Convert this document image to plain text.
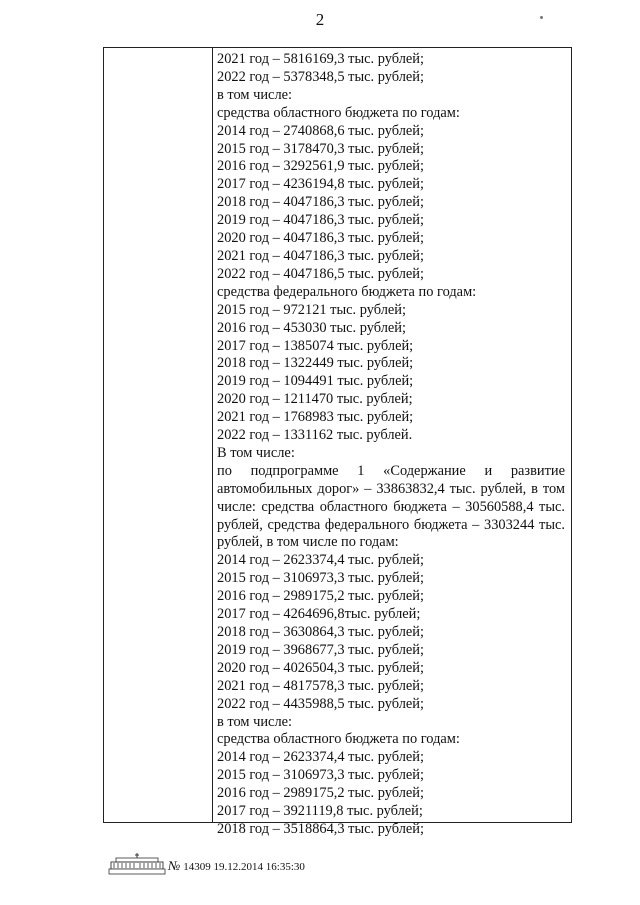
2
2021 год – 5816169,3 тыс. рублей;
2022 год – 5378348,5 тыс. рублей;
в том числе:
средства областного бюджета по годам:
2014 год – 2740868,6 тыс. рублей;
2015 год – 3178470,3 тыс. рублей;
2016 год – 3292561,9 тыс. рублей;
2017 год – 4236194,8 тыс. рублей;
2018 год – 4047186,3 тыс. рублей;
2019 год – 4047186,3 тыс. рублей;
2020 год – 4047186,3 тыс. рублей;
2021 год – 4047186,3 тыс. рублей;
2022 год – 4047186,5 тыс. рублей;
средства федерального бюджета по годам:
2015 год – 972121 тыс. рублей;
2016 год – 453030 тыс. рублей;
2017 год – 1385074 тыс. рублей;
2018 год – 1322449 тыс. рублей;
2019 год – 1094491 тыс. рублей;
2020 год – 1211470 тыс. рублей;
2021 год – 1768983 тыс. рублей;
2022 год – 1331162 тыс. рублей.
В том числе:
по подпрограмме 1 «Содержание и развитие
автомобильных дорог» – 33863832,4 тыс. рублей, в том
числе: средства областного бюджета – 30560588,4 тыс.
рублей, средства федерального бюджета – 3303244 тыс.
рублей, в том числе по годам:
2014 год – 2623374,4 тыс. рублей;
2015 год – 3106973,3 тыс. рублей;
2016 год – 2989175,2 тыс. рублей;
2017 год – 4264696,8тыс. рублей;
2018 год – 3630864,3 тыс. рублей;
2019 год – 3968677,3 тыс. рублей;
2020 год – 4026504,3 тыс. рублей;
2021 год – 4817578,3 тыс. рублей;
2022 год – 4435988,5 тыс. рублей;
в том числе:
средства областного бюджета по годам:
2014 год – 2623374,4 тыс. рублей;
2015 год – 3106973,3 тыс. рублей;
2016 год – 2989175,2 тыс. рублей;
2017 год – 3921119,8 тыс. рублей;
2018 год – 3518864,3 тыс. рублей;
№ 14309 19.12.2014 16:35:30
